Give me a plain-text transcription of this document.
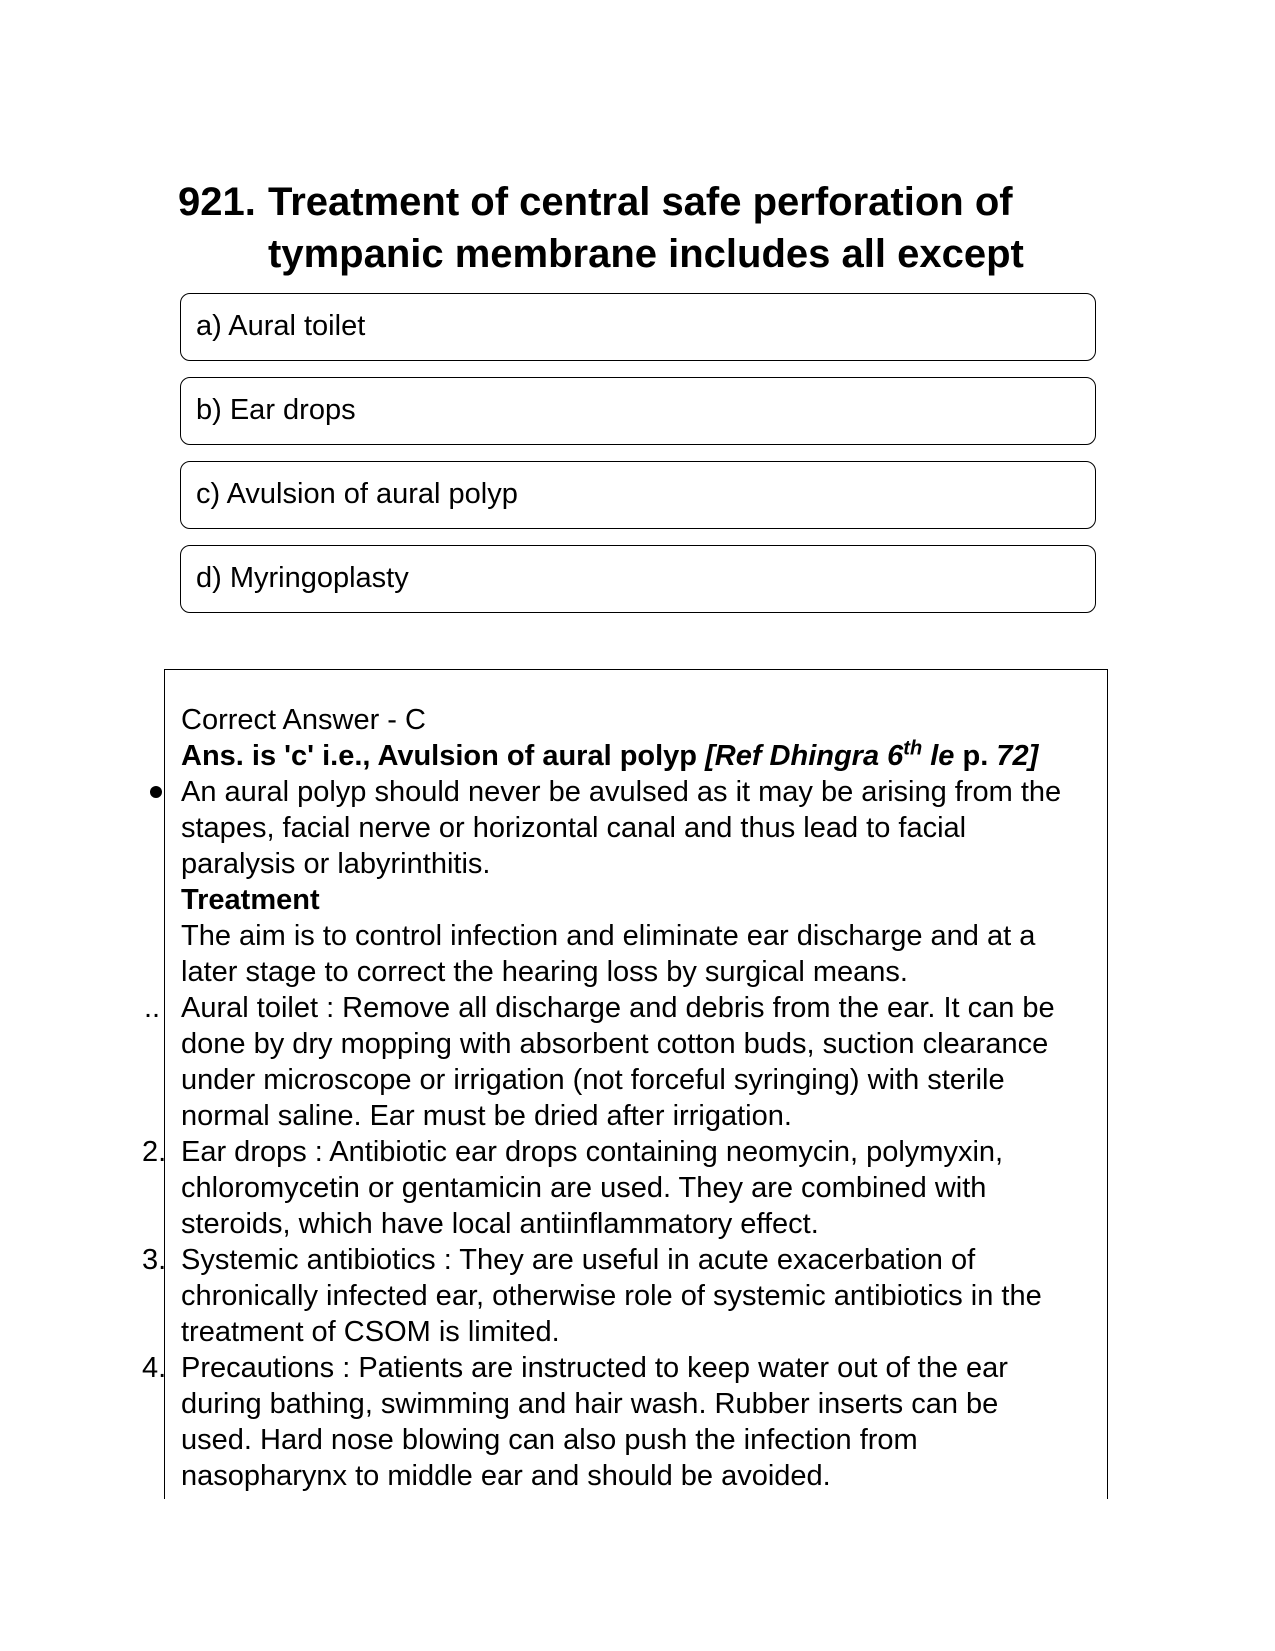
921. Treatment of central safe perforation of
tympanic membrane includes all except
a) Aural toilet
b) Ear drops
c) Avulsion of aural polyp
d) Myringoplasty
..
2.
3.
4.
Correct Answer - C
Ans. is 'c' i.e., Avulsion of aural polyp [Ref Dhingra 6th le p. 72]
An aural polyp should never be avulsed as it may be arising from the
stapes, facial nerve or horizontal canal and thus lead to facial
paralysis or labyrinthitis.
Treatment
The aim is to control infection and eliminate ear discharge and at a
later stage to correct the hearing loss by surgical means.
Aural toilet : Remove all discharge and debris from the ear. It can be
done by dry mopping with absorbent cotton buds, suction clearance
under microscope or irrigation (not forceful syringing) with sterile
normal saline. Ear must be dried after irrigation.
Ear drops : Antibiotic ear drops containing neomycin, polymyxin,
chloromycetin or gentamicin are used. They are combined with
steroids, which have local antiinflammatory effect.
Systemic antibiotics : They are useful in acute exacerbation of
chronically infected ear, otherwise role of systemic antibiotics in the
treatment of CSOM is limited.
Precautions : Patients are instructed to keep water out of the ear
during bathing, swimming and hair wash. Rubber inserts can be
used. Hard nose blowing can also push the infection from
nasopharynx to middle ear and should be avoided.
